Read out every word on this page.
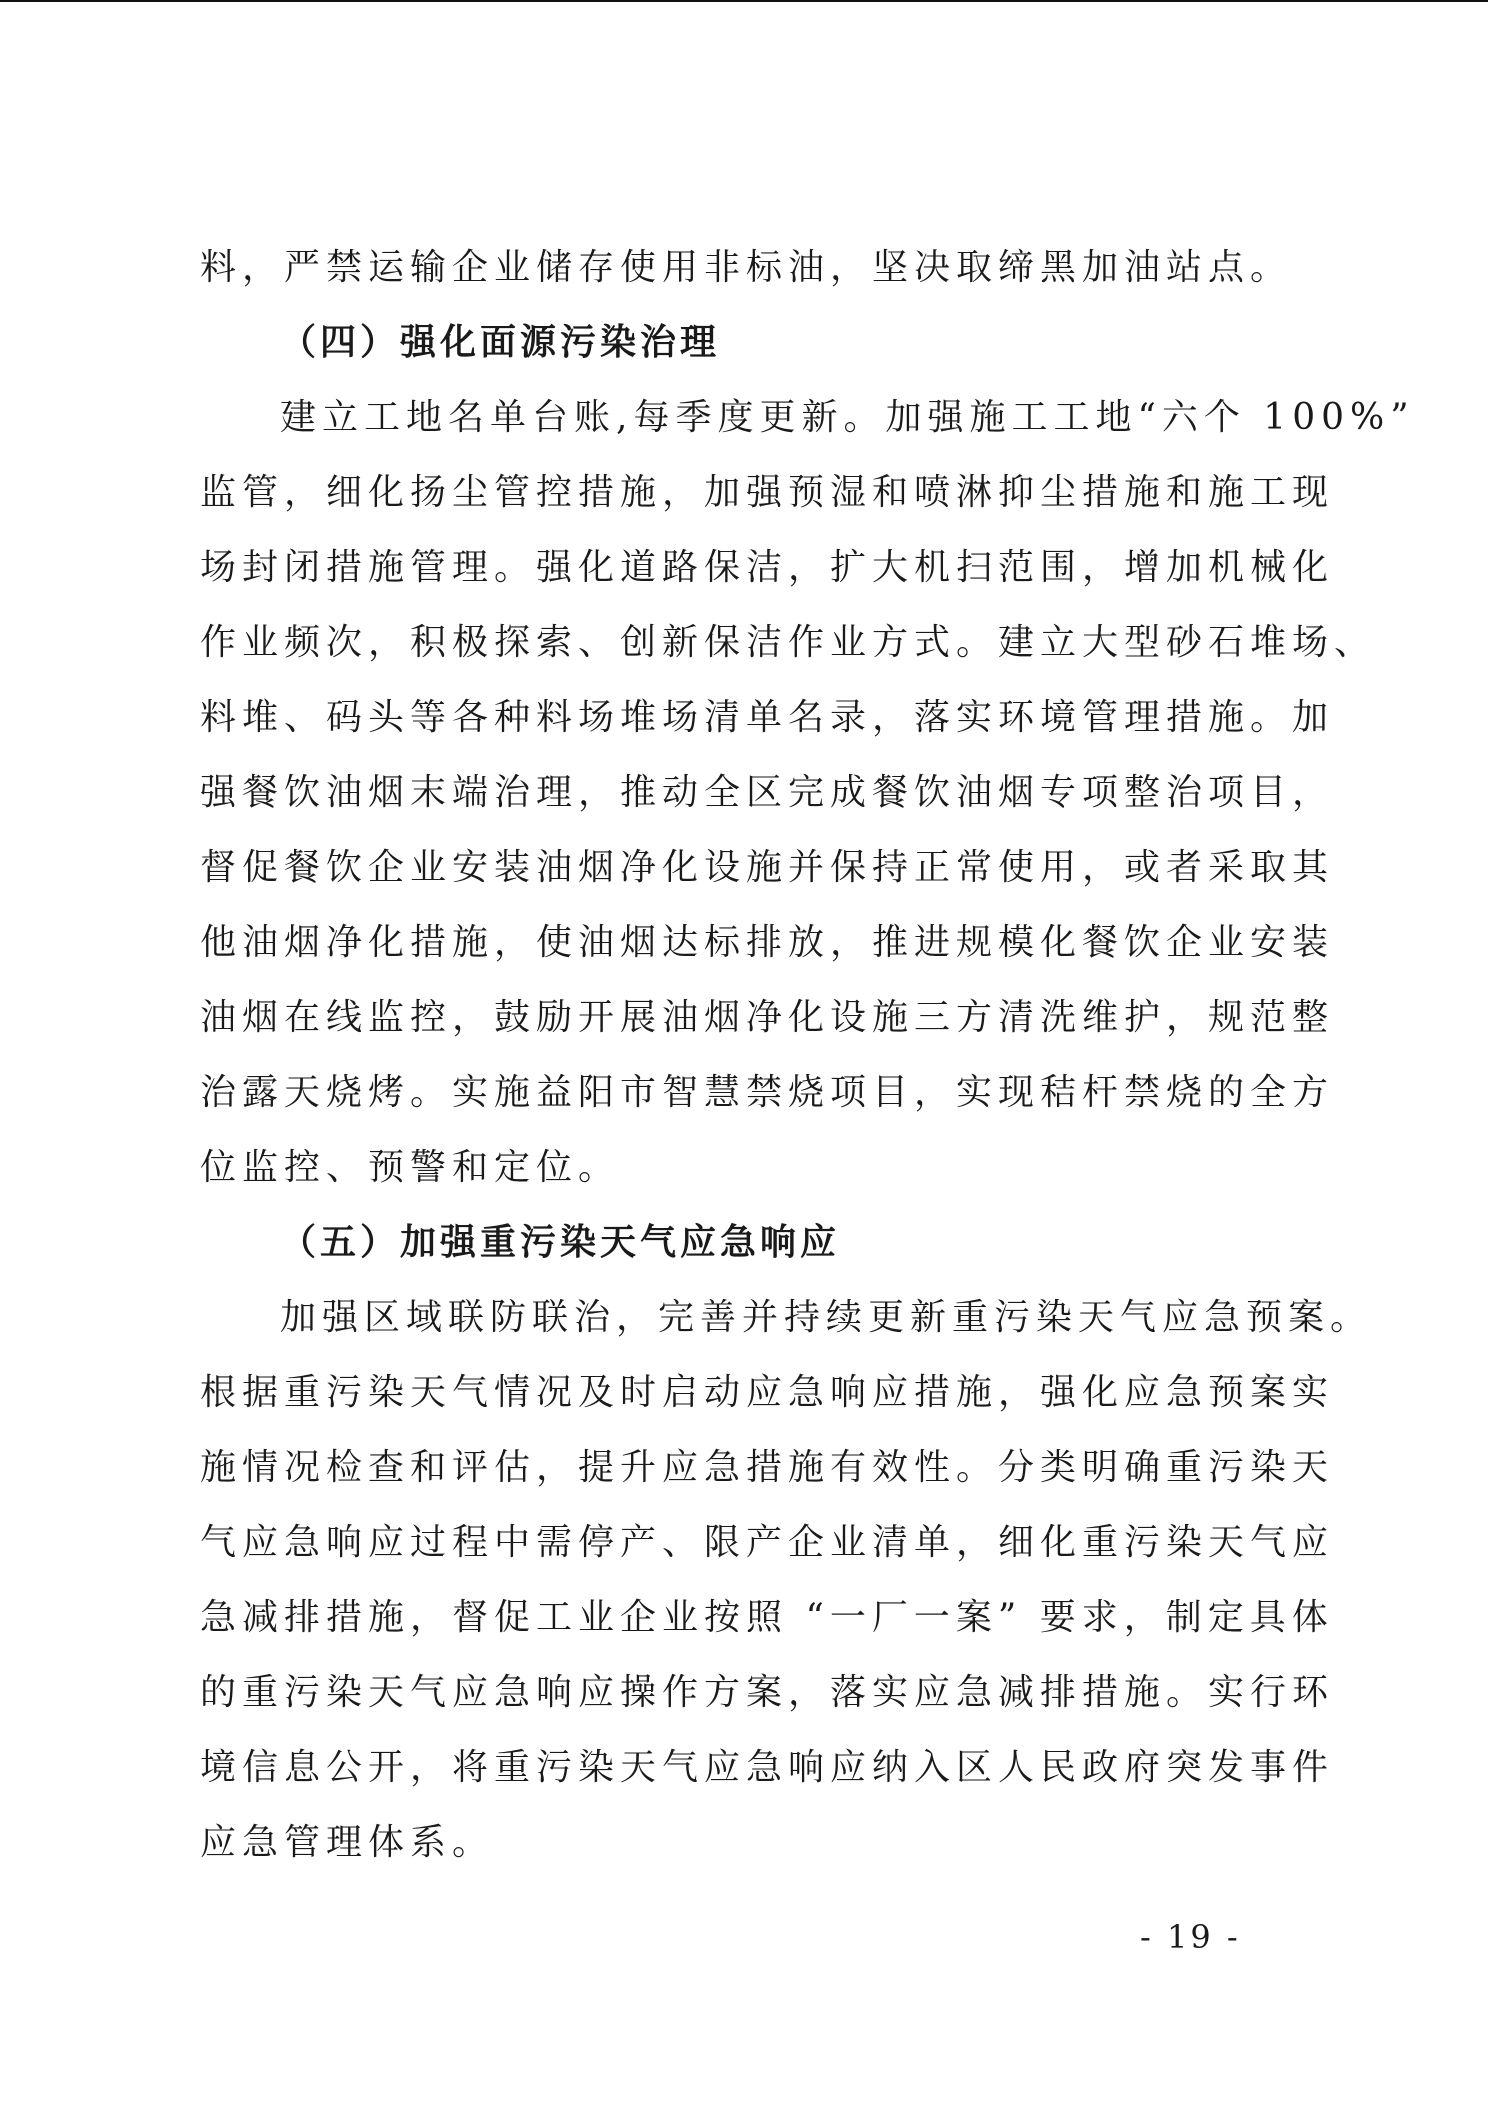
料，严禁运输企业储存使用非标油，坚决取缔黑加油站点。
（四）强化面源污染治理
建立工地名单台账,每季度更新。加强施工工地“六个 100%”
监管，细化扬尘管控措施，加强预湿和喷淋抑尘措施和施工现
场封闭措施管理。强化道路保洁，扩大机扫范围，增加机械化
作业频次，积极探索、创新保洁作业方式。建立大型砂石堆场、
料堆、码头等各种料场堆场清单名录，落实环境管理措施。加
强餐饮油烟末端治理，推动全区完成餐饮油烟专项整治项目，
督促餐饮企业安装油烟净化设施并保持正常使用，或者采取其
他油烟净化措施，使油烟达标排放，推进规模化餐饮企业安装
油烟在线监控，鼓励开展油烟净化设施三方清洗维护，规范整
治露天烧烤。实施益阳市智慧禁烧项目，实现秸杆禁烧的全方
位监控、预警和定位。
（五）加强重污染天气应急响应
加强区域联防联治，完善并持续更新重污染天气应急预案。
根据重污染天气情况及时启动应急响应措施，强化应急预案实
施情况检查和评估，提升应急措施有效性。分类明确重污染天
气应急响应过程中需停产、限产企业清单，细化重污染天气应
急减排措施，督促工业企业按照 “一厂一案” 要求，制定具体
的重污染天气应急响应操作方案，落实应急减排措施。实行环
境信息公开，将重污染天气应急响应纳入区人民政府突发事件
应急管理体系。
- 19 -
